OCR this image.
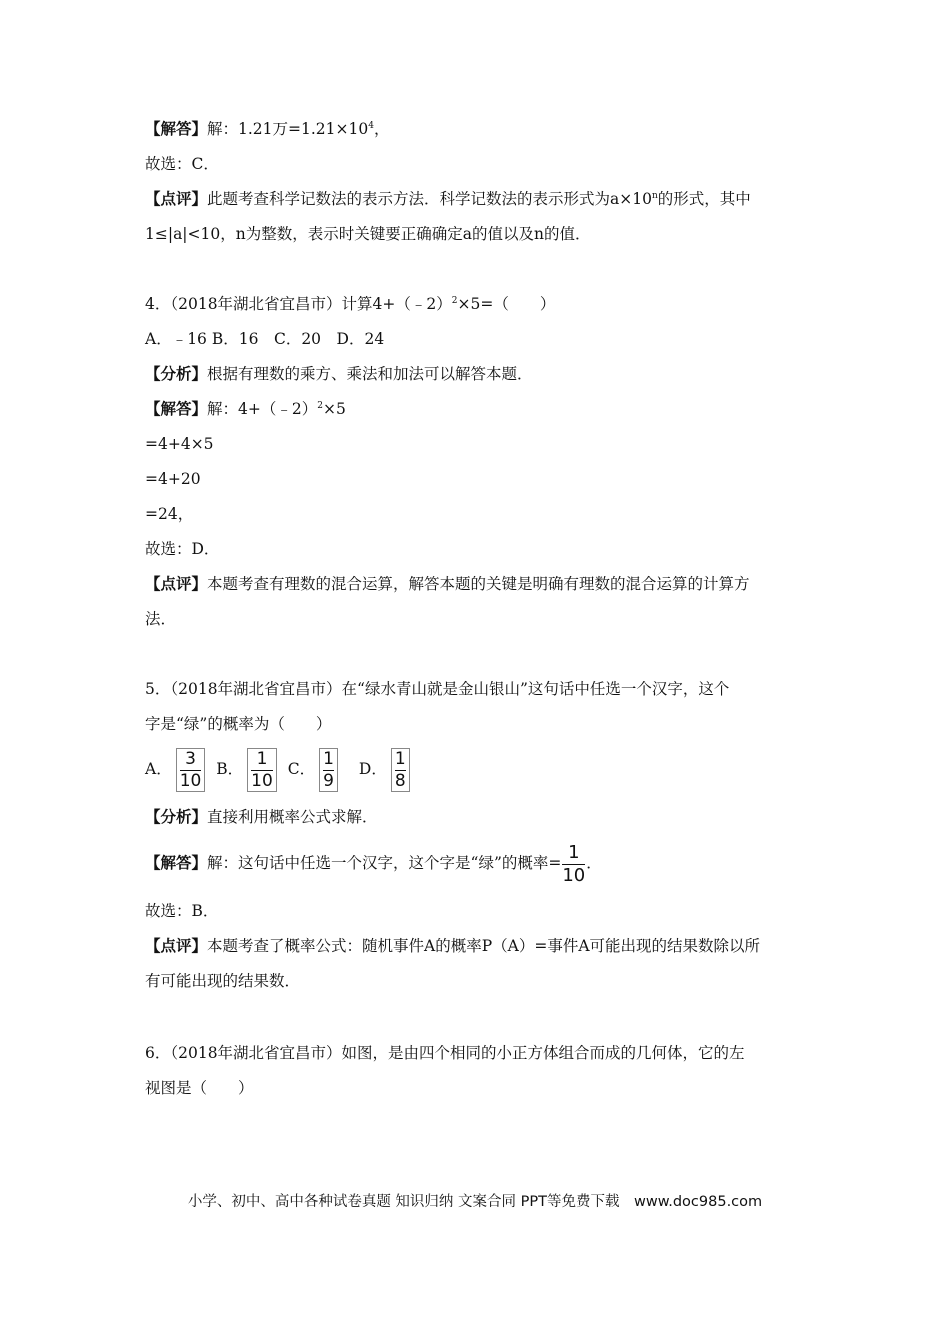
【解答】解：1.21万$=1.21\times 10^4$，
故选：C．
【点评】此题考查科学记数法的表示方法．科学记数法的表示形式为$a\times 10^n$的形式，其中
1≤|a|<10，n为整数，表示时关键要正确确定a的值以及n的值．
4．（2018年湖北省宜昌市）计算4+（﹣2）$^2$×5=（　　）
A．﹣16 B．16　C．20　D．24
【分析】根据有理数的乘方、乘法和加法可以解答本题．
【解答】解：4+（﹣2）$^2$×5
=4+4×5
=4+20
=24，
故选：D．
【点评】本题考查有理数的混合运算，解答本题的关键是明确有理数的混合运算的计算方
法．
5．（2018年湖北省宜昌市）在“绿水青山就是金山银山”这句话中任选一个汉字，这个
字是“绿”的概率为（　　）
A． $\frac{3}{10}$ B． $\frac{1}{10}$ C． $\frac{1}{9}$ D． $\frac{1}{8}$
【分析】直接利用概率公式求解．
【解答】解：这句话中任选一个汉字，这个字是“绿”的概率= $\frac{1}{10}$ ．
故选：B．
【点评】本题考查了概率公式：随机事件A的概率P（A）=事件A可能出现的结果数除以所
有可能出现的结果数．
6．（2018年湖北省宜昌市）如图，是由四个相同的小正方体组合而成的几何体，它的左
视图是（　　）
小学、初中、高中各种试卷真题 知识归纳 文案合同 PPT等免费下载　www.doc985.com
